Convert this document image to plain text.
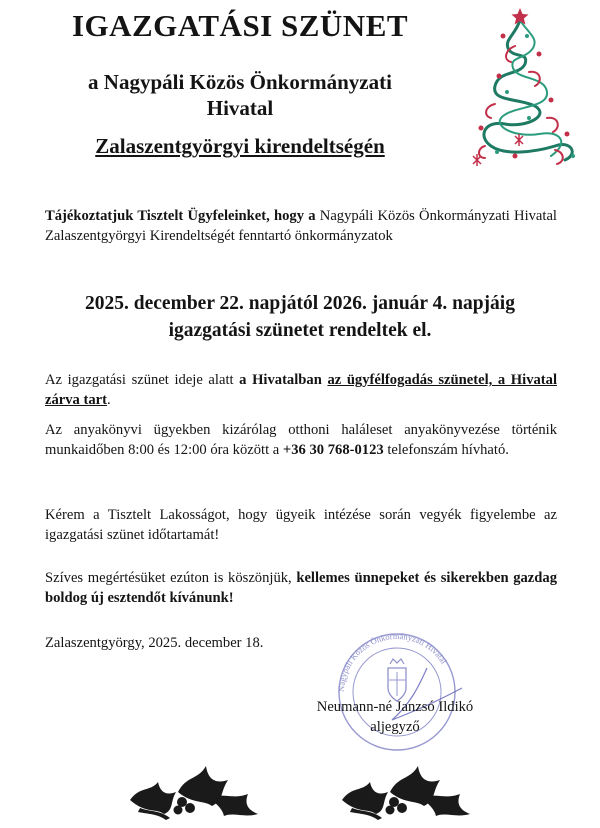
IGAZGATÁSI SZÜNET
a Nagypáli Közös Önkormányzati
Hivatal
Zalaszentgyörgyi kirendeltségén
Tájékoztatjuk Tisztelt Ügyfeleinket, hogy a Nagypáli Közös Önkormányzati Hivatal Zalaszentgyörgyi Kirendeltségét fenntartó önkormányzatok
2025. december 22. napjától 2026. január 4. napjáig
igazgatási szünetet rendeltek el.
Az igazgatási szünet ideje alatt a Hivatalban az ügyfélfogadás szünetel, a Hivatal zárva tart.
Az anyakönyvi ügyekben kizárólag otthoni haláleset anyakönyvezése történik munkaidőben 8:00 és 12:00 óra között a +36 30 768-0123 telefonszám hívható.
Kérem a Tisztelt Lakosságot, hogy ügyeik intézése során vegyék figyelembe az igazgatási szünet időtartamát!
Szíves megértésüket ezúton is köszönjük, kellemes ünnepeket és sikerekben gazdag boldog új esztendőt kívánunk!
Zalaszentgyörgy, 2025. december 18.
Nagypáli Közös Önkormányzati Hivatal
Neumann-né Janzsó Ildikó
aljegyző
